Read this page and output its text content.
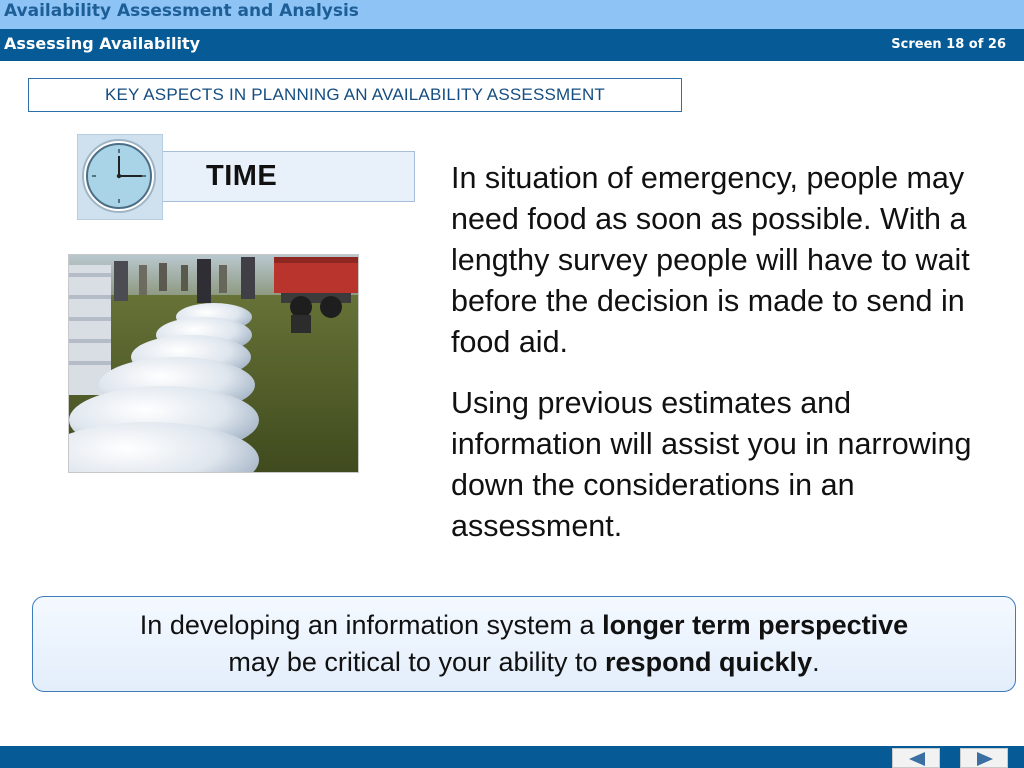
Availability Assessment and Analysis
Assessing Availability	Screen 18 of 26
KEY ASPECTS IN PLANNING AN AVAILABILITY ASSESSMENT
TIME	In situation of emergency, people may need food as soon as possible. With a lengthy survey people will have to wait before the decision is made to send in food aid.

Using previous estimates and information will assist you in narrowing down the considerations in an assessment.

In developing an information system a longer term perspective
may be critical to your ability to respond quickly.
